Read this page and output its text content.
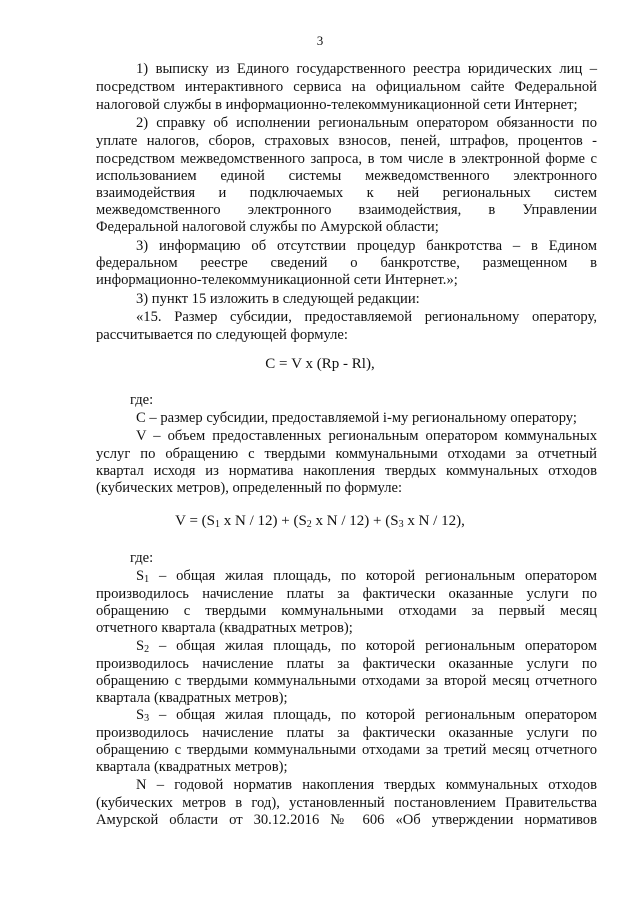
3
1) выписку из Единого государственного реестра юридических лиц –
посредством интерактивного сервиса на официальном сайте Федеральной
налоговой службы в информационно-телекоммуникационной сети Интернет;
2) справку об исполнении региональным оператором обязанности по
уплате налогов, сборов, страховых взносов, пеней, штрафов, процентов -
посредством межведомственного запроса, в том числе в электронной форме с
использованием единой системы межведомственного электронного
взаимодействия и подключаемых к ней региональных систем
межведомственного электронного взаимодействия, в Управлении
Федеральной налоговой службы по Амурской области;
3) информацию об отсутствии процедур банкротства – в Едином
федеральном реестре сведений о банкротстве, размещенном в
информационно-телекоммуникационной сети Интернет.»;
3) пункт 15 изложить в следующей редакции:
«15. Размер субсидии, предоставляемой региональному оператору,
рассчитывается по следующей формуле:
С = V x (Rp - Rl),
где:
С – размер субсидии, предоставляемой i-му региональному оператору;
V – объем предоставленных региональным оператором коммунальных
услуг по обращению с твердыми коммунальными отходами за отчетный
квартал исходя из норматива накопления твердых коммунальных отходов
(кубических метров), определенный по формуле:
$V = (S_1$ x $N / 12) + (S_2$ x $N / 12) + (S_3$ x N / 12),
где:
$S_1$ – общая жилая площадь, по которой региональным оператором
производилось начисление платы за фактически оказанные услуги по
обращению с твердыми коммунальными отходами за первый месяц
отчетного квартала (квадратных метров);
$S_2$ – общая жилая площадь, по которой региональным оператором
производилось начисление платы за фактически оказанные услуги по
обращению с твердыми коммунальными отходами за второй месяц отчетного
квартала (квадратных метров);
$S_3$ – общая жилая площадь, по которой региональным оператором
производилось начисление платы за фактически оказанные услуги по
обращению с твердыми коммунальными отходами за третий месяц отчетного
квартала (квадратных метров);
N – годовой норматив накопления твердых коммунальных отходов
(кубических метров в год), установленный постановлением Правительства
Амурской области от 30.12.2016 № 606 «Об утверждении нормативов
